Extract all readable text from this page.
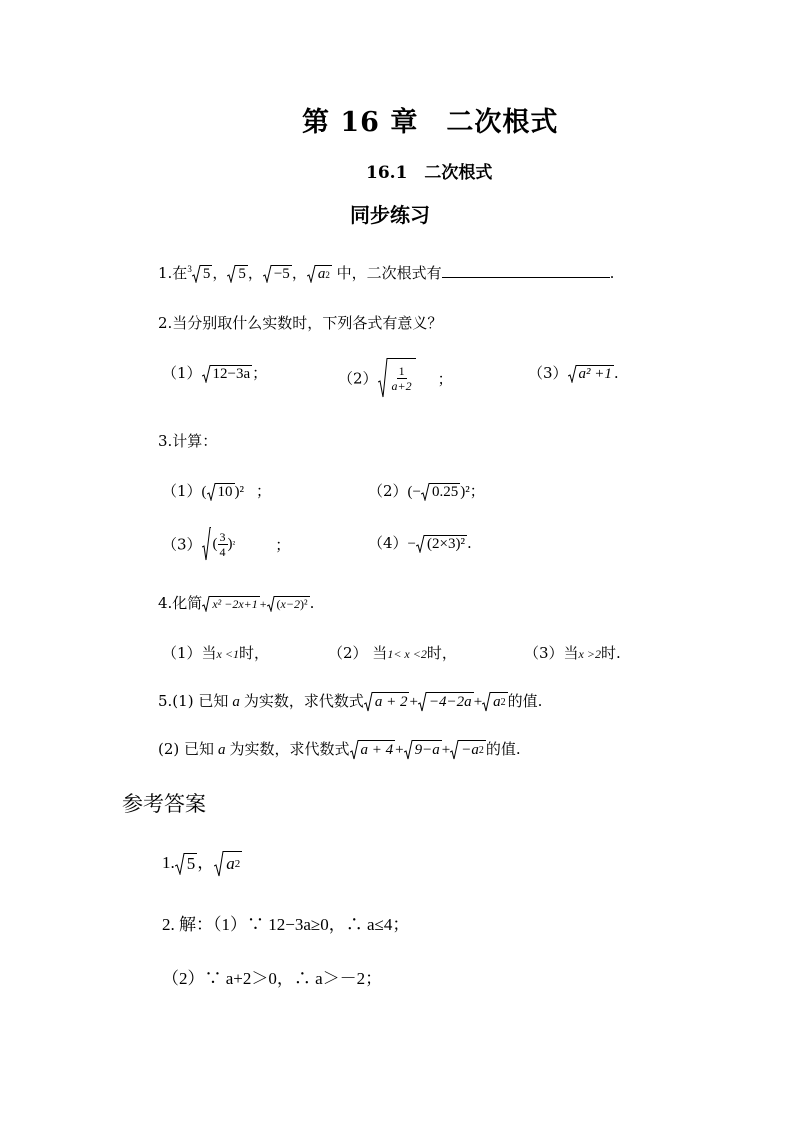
第 16 章　二次根式
16.1　二次根式
同步练习
1.在$^3$ 5 ， 5 ， −5 ， a 2 中，二次根式有	.
2.当分别取什么实数时，下列各式有意义？
（1） 12−3a ；	$(2) \frac{1}{a+2}$ ；	（3） a² +1 .
3.计算：
（1）( 10 )² ；	（2）(− 0.25 )²；
（3） ( $\frac{3}{4}$ ) ²	；	（4）− ( 2×3 ) ² .
4.化简 x² −2x+1 + ( x−2 ) ² .
（1）当x <1时，	（2） 当1< x <2时，	（3）当x >2时.
5.(1) 已知 a 为实数，求代数式 a + 2 + −4−2a + a 2 的值.
(2) 已知 a 为实数，求代数式 a + 4 + 9−a + −a 2 的值.
参考答案
1. 5 ， a 2
2. 解：（1）∵ 12−3a≥0，∴ a≤4；
（2）∵ a+2＞0，∴ a＞－2；
